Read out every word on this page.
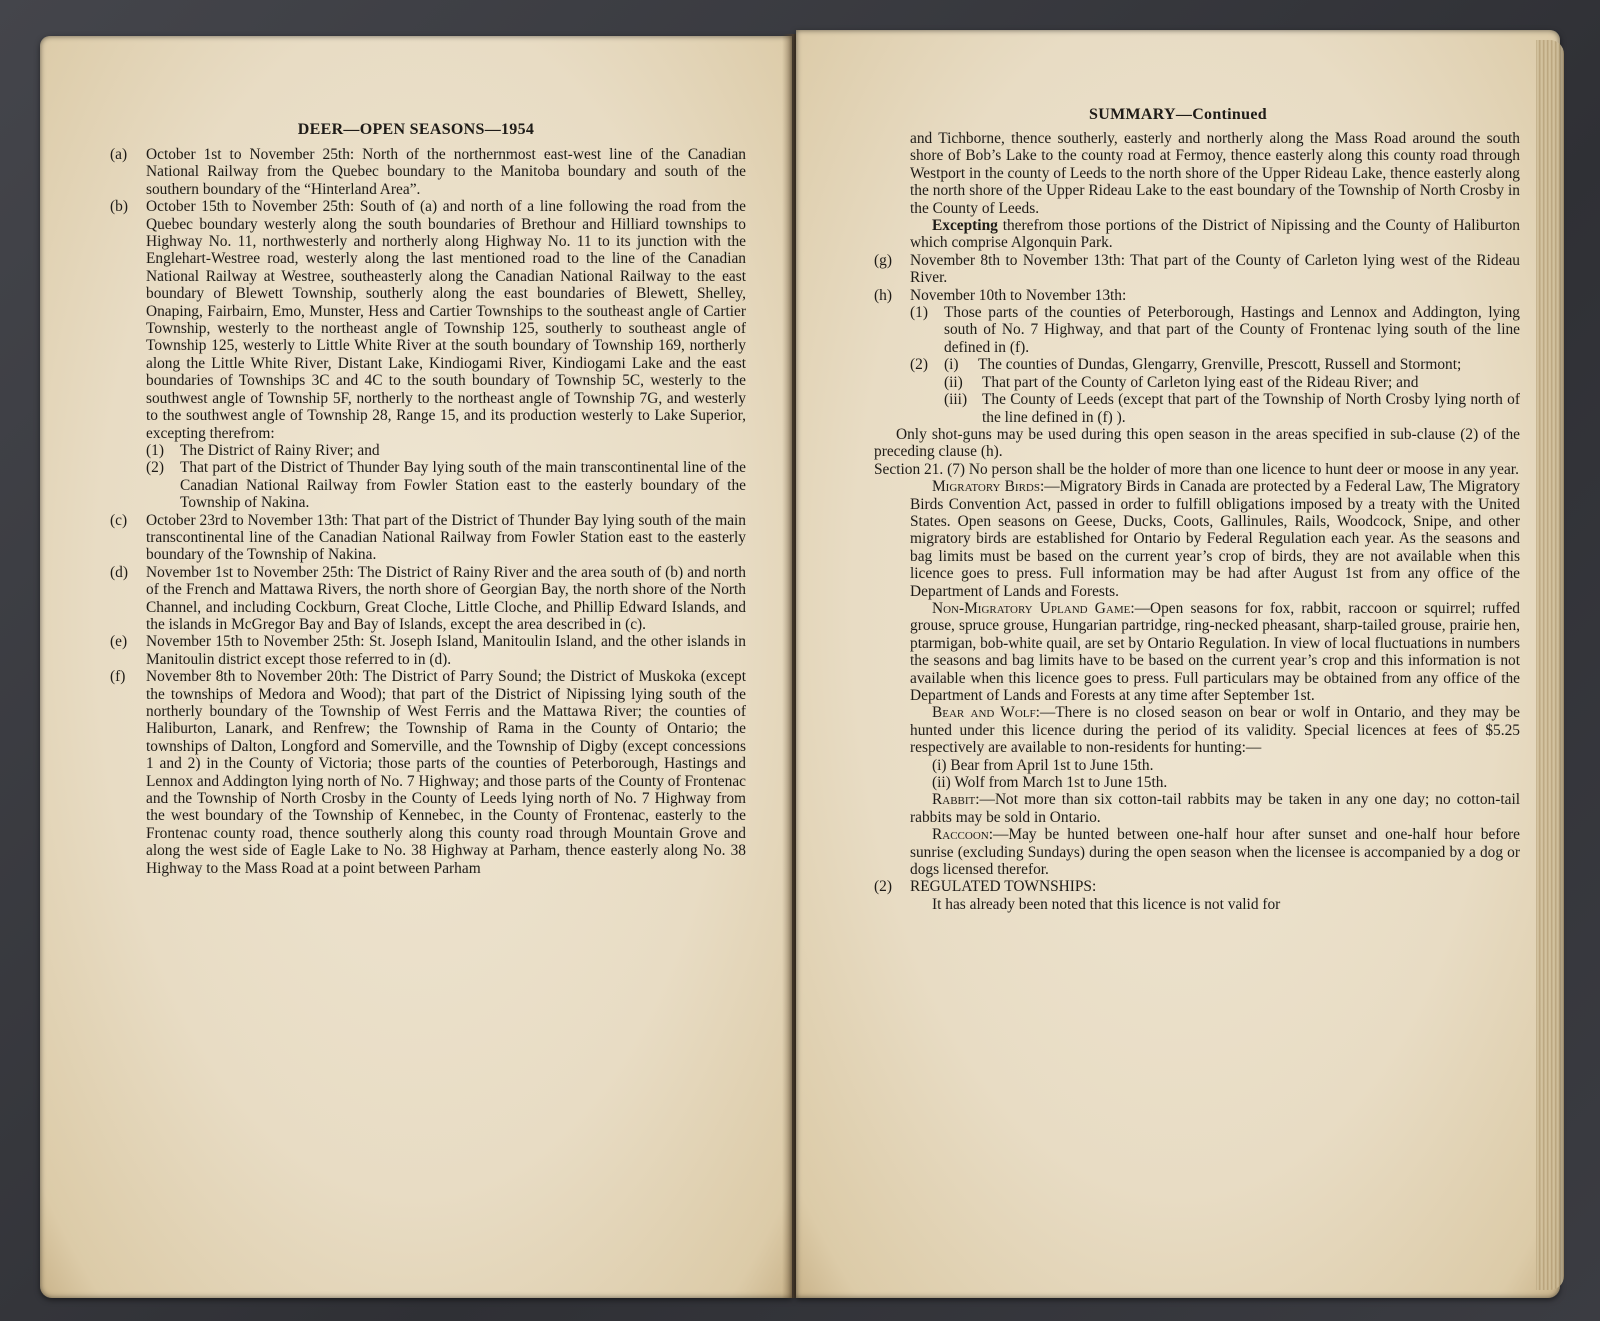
DEER—OPEN SEASONS—1954
(a)	October 1st to November 25th: North of the northernmost east-west line of the Canadian National Railway from the Quebec boundary to the Manitoba boundary and south of the southern boundary of the “Hinterland Area”.
(b)	October 15th to November 25th: South of (a) and north of a line following the road from the Quebec boundary westerly along the south boundaries of Brethour and Hilliard townships to Highway No. 11, northwesterly and northerly along Highway No. 11 to its junction with the Englehart-Westree road, westerly along the last mentioned road to the line of the Canadian National Railway at Westree, southeasterly along the Canadian National Railway to the east boundary of Blewett Township, southerly along the east boundaries of Blewett, Shelley, Onaping, Fairbairn, Emo, Munster, Hess and Cartier Townships to the southeast angle of Cartier Township, westerly to the northeast angle of Township 125, southerly to southeast angle of Township 125, westerly to Little White River at the south boundary of Township 169, northerly along the Little White River, Distant Lake, Kindiogami River, Kindiogami Lake and the east boundaries of Townships 3C and 4C to the south boundary of Township 5C, westerly to the southwest angle of Township 5F, northerly to the northeast angle of Township 7G, and westerly to the southwest angle of Township 28, Range 15, and its production westerly to Lake Superior, excepting therefrom:
(1)	The District of Rainy River; and
(2)	That part of the District of Thunder Bay lying south of the main transcontinental line of the Canadian National Railway from Fowler Station east to the easterly boundary of the Township of Nakina.
(c)	October 23rd to November 13th: That part of the District of Thunder Bay lying south of the main transcontinental line of the Canadian National Railway from Fowler Station east to the easterly boundary of the Township of Nakina.
(d)	November 1st to November 25th: The District of Rainy River and the area south of (b) and north of the French and Mattawa Rivers, the north shore of Georgian Bay, the north shore of the North Channel, and including Cockburn, Great Cloche, Little Cloche, and Phillip Edward Islands, and the islands in McGregor Bay and Bay of Islands, except the area described in (c).
(e)	November 15th to November 25th: St. Joseph Island, Manitoulin Island, and the other islands in Manitoulin district except those referred to in (d).
(f)	November 8th to November 20th: The District of Parry Sound; the District of Muskoka (except the townships of Medora and Wood); that part of the District of Nipissing lying south of the northerly boundary of the Township of West Ferris and the Mattawa River; the counties of Haliburton, Lanark, and Renfrew; the Township of Rama in the County of Ontario; the townships of Dalton, Longford and Somerville, and the Township of Digby (except concessions 1 and 2) in the County of Victoria; those parts of the counties of Peterborough, Hastings and Lennox and Addington lying north of No. 7 Highway; and those parts of the County of Frontenac and the Township of North Crosby in the County of Leeds lying north of No. 7 Highway from the west boundary of the Township of Kennebec, in the County of Frontenac, easterly to the Frontenac county road, thence southerly along this county road through Mountain Grove and along the west side of Eagle Lake to No. 38 Highway at Parham, thence easterly along No. 38 Highway to the Mass Road at a point between Parham
SUMMARY—Continued
and Tichborne, thence southerly, easterly and northerly along the Mass Road around the south shore of Bob’s Lake to the county road at Fermoy, thence easterly along this county road through Westport in the county of Leeds to the north shore of the Upper Rideau Lake, thence easterly along the north shore of the Upper Rideau Lake to the east boundary of the Township of North Crosby in the County of Leeds.
Excepting therefrom those portions of the District of Nipissing and the County of Haliburton which comprise Algonquin Park.
(g)	November 8th to November 13th: That part of the County of Carleton lying west of the Rideau River.
(h)	November 10th to November 13th:
(1)	Those parts of the counties of Peterborough, Hastings and Lennox and Addington, lying south of No. 7 Highway, and that part of the County of Frontenac lying south of the line defined in (f).
(2)	(i)	The counties of Dundas, Glengarry, Grenville, Prescott, Russell and Stormont;
(ii)	That part of the County of Carleton lying east of the Rideau River; and
(iii) The County of Leeds (except that part of the Township of North Crosby lying north of the line defined in (f) ).
Only shot-guns may be used during this open season in the areas specified in sub-clause (2) of the preceding clause (h).
Section 21. (7) No person shall be the holder of more than one licence to hunt deer or moose in any year.
Migratory Birds:—Migratory Birds in Canada are protected by a Federal Law, The Migratory Birds Convention Act, passed in order to fulfill obligations imposed by a treaty with the United States. Open seasons on Geese, Ducks, Coots, Gallinules, Rails, Woodcock, Snipe, and other migratory birds are established for Ontario by Federal Regulation each year. As the seasons and bag limits must be based on the current year’s crop of birds, they are not available when this licence goes to press. Full information may be had after August 1st from any office of the Department of Lands and Forests.
Non-Migratory Upland Game:—Open seasons for fox, rabbit, raccoon or squirrel; ruffed grouse, spruce grouse, Hungarian partridge, ring-necked pheasant, sharp-tailed grouse, prairie hen, ptarmigan, bob-white quail, are set by Ontario Regulation. In view of local fluctuations in numbers the seasons and bag limits have to be based on the current year’s crop and this information is not available when this licence goes to press. Full particulars may be obtained from any office of the Department of Lands and Forests at any time after September 1st.
Bear and Wolf:—There is no closed season on bear or wolf in Ontario, and they may be hunted under this licence during the period of its validity. Special licences at fees of $5.25 respectively are available to non-residents for hunting:—
(i) Bear from April 1st to June 15th.
(ii) Wolf from March 1st to June 15th.
Rabbit:—Not more than six cotton-tail rabbits may be taken in any one day; no cotton-tail rabbits may be sold in Ontario.
Raccoon:—May be hunted between one-half hour after sunset and one-half hour before sunrise (excluding Sundays) during the open season when the licensee is accompanied by a dog or dogs licensed therefor.
(2)	REGULATED TOWNSHIPS:
It has already been noted that this licence is not valid for
